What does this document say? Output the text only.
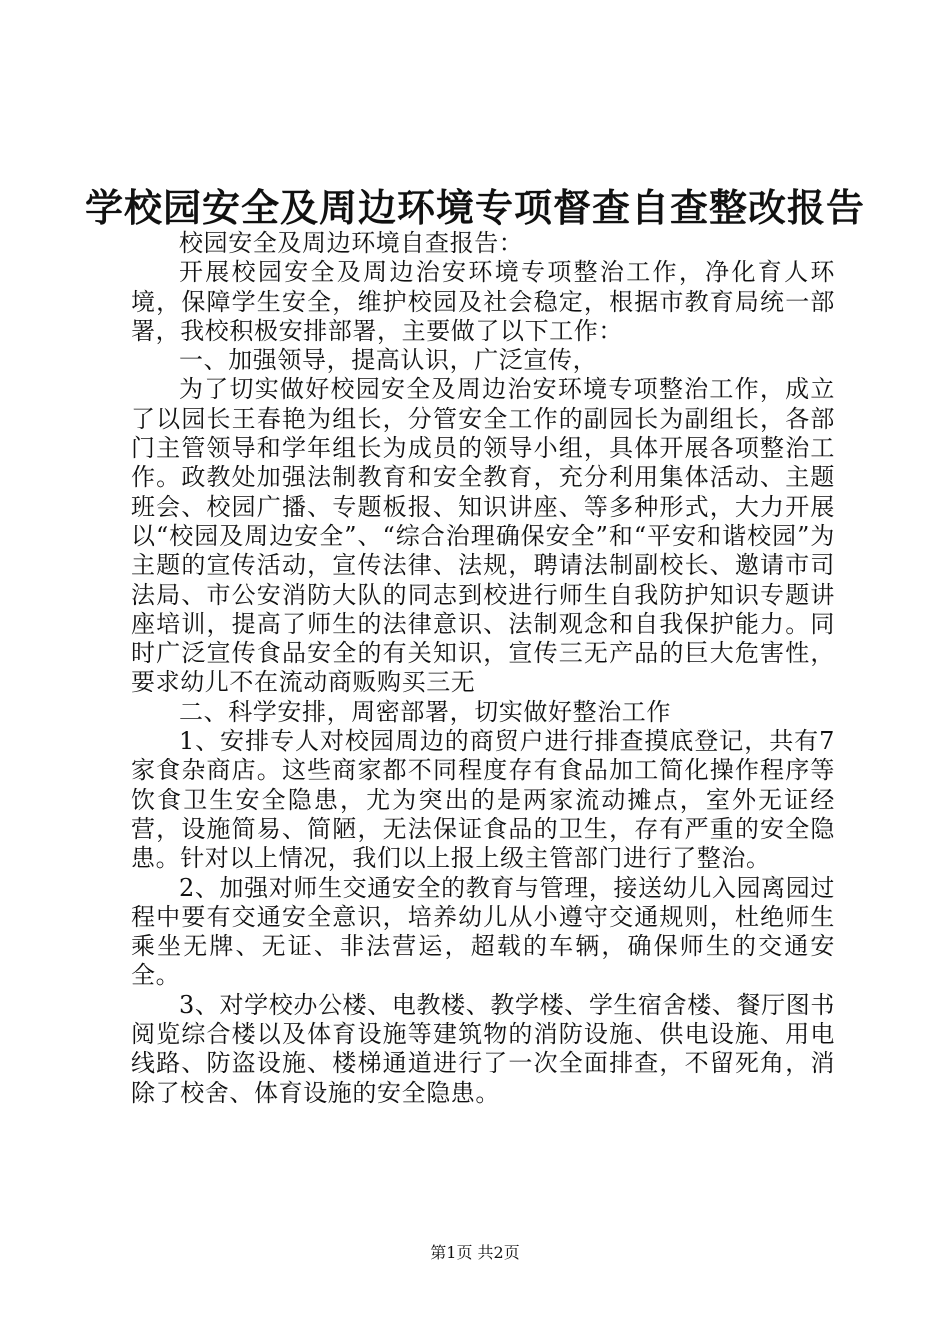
学校园安全及周边环境专项督查自查整改报告

校园安全及周边环境自查报告：

开展校园安全及周边治安环境专项整治工作，净化育人环境，保障学生安全，维护校园及社会稳定，根据市教育局统一部署，我校积极安排部署，主要做了以下工作：

一、加强领导，提高认识，广泛宣传，

为了切实做好校园安全及周边治安环境专项整治工作，成立了以园长王春艳为组长，分管安全工作的副园长为副组长，各部门主管领导和学年组长为成员的领导小组，具体开展各项整治工作。政教处加强法制教育和安全教育，充分利用集体活动、主题班会、校园广播、专题板报、知识讲座、等多种形式，大力开展以“校园及周边安全”、“综合治理确保安全”和“平安和谐校园”为主题的宣传活动，宣传法律、法规，聘请法制副校长、邀请市司法局、市公安消防大队的同志到校进行师生自我防护知识专题讲座培训，提高了师生的法律意识、法制观念和自我保护能力。同时广泛宣传食品安全的有关知识，宣传三无产品的巨大危害性，要求幼儿不在流动商贩购买三无

二、科学安排，周密部署，切实做好整治工作

1、安排专人对校园周边的商贸户进行排查摸底登记，共有7家食杂商店。这些商家都不同程度存有食品加工简化操作程序等饮食卫生安全隐患，尤为突出的是两家流动摊点，室外无证经营，设施简易、简陋，无法保证食品的卫生，存有严重的安全隐患。针对以上情况，我们以上报上级主管部门进行了整治。

2、加强对师生交通安全的教育与管理，接送幼儿入园离园过程中要有交通安全意识，培养幼儿从小遵守交通规则，杜绝师生乘坐无牌、无证、非法营运，超载的车辆，确保师生的交通安全。

3、对学校办公楼、电教楼、教学楼、学生宿舍楼、餐厅图书阅览综合楼以及体育设施等建筑物的消防设施、供电设施、用电线路、防盗设施、楼梯通道进行了一次全面排查，不留死角，消除了校舍、体育设施的安全隐患。

第1页 共2页
